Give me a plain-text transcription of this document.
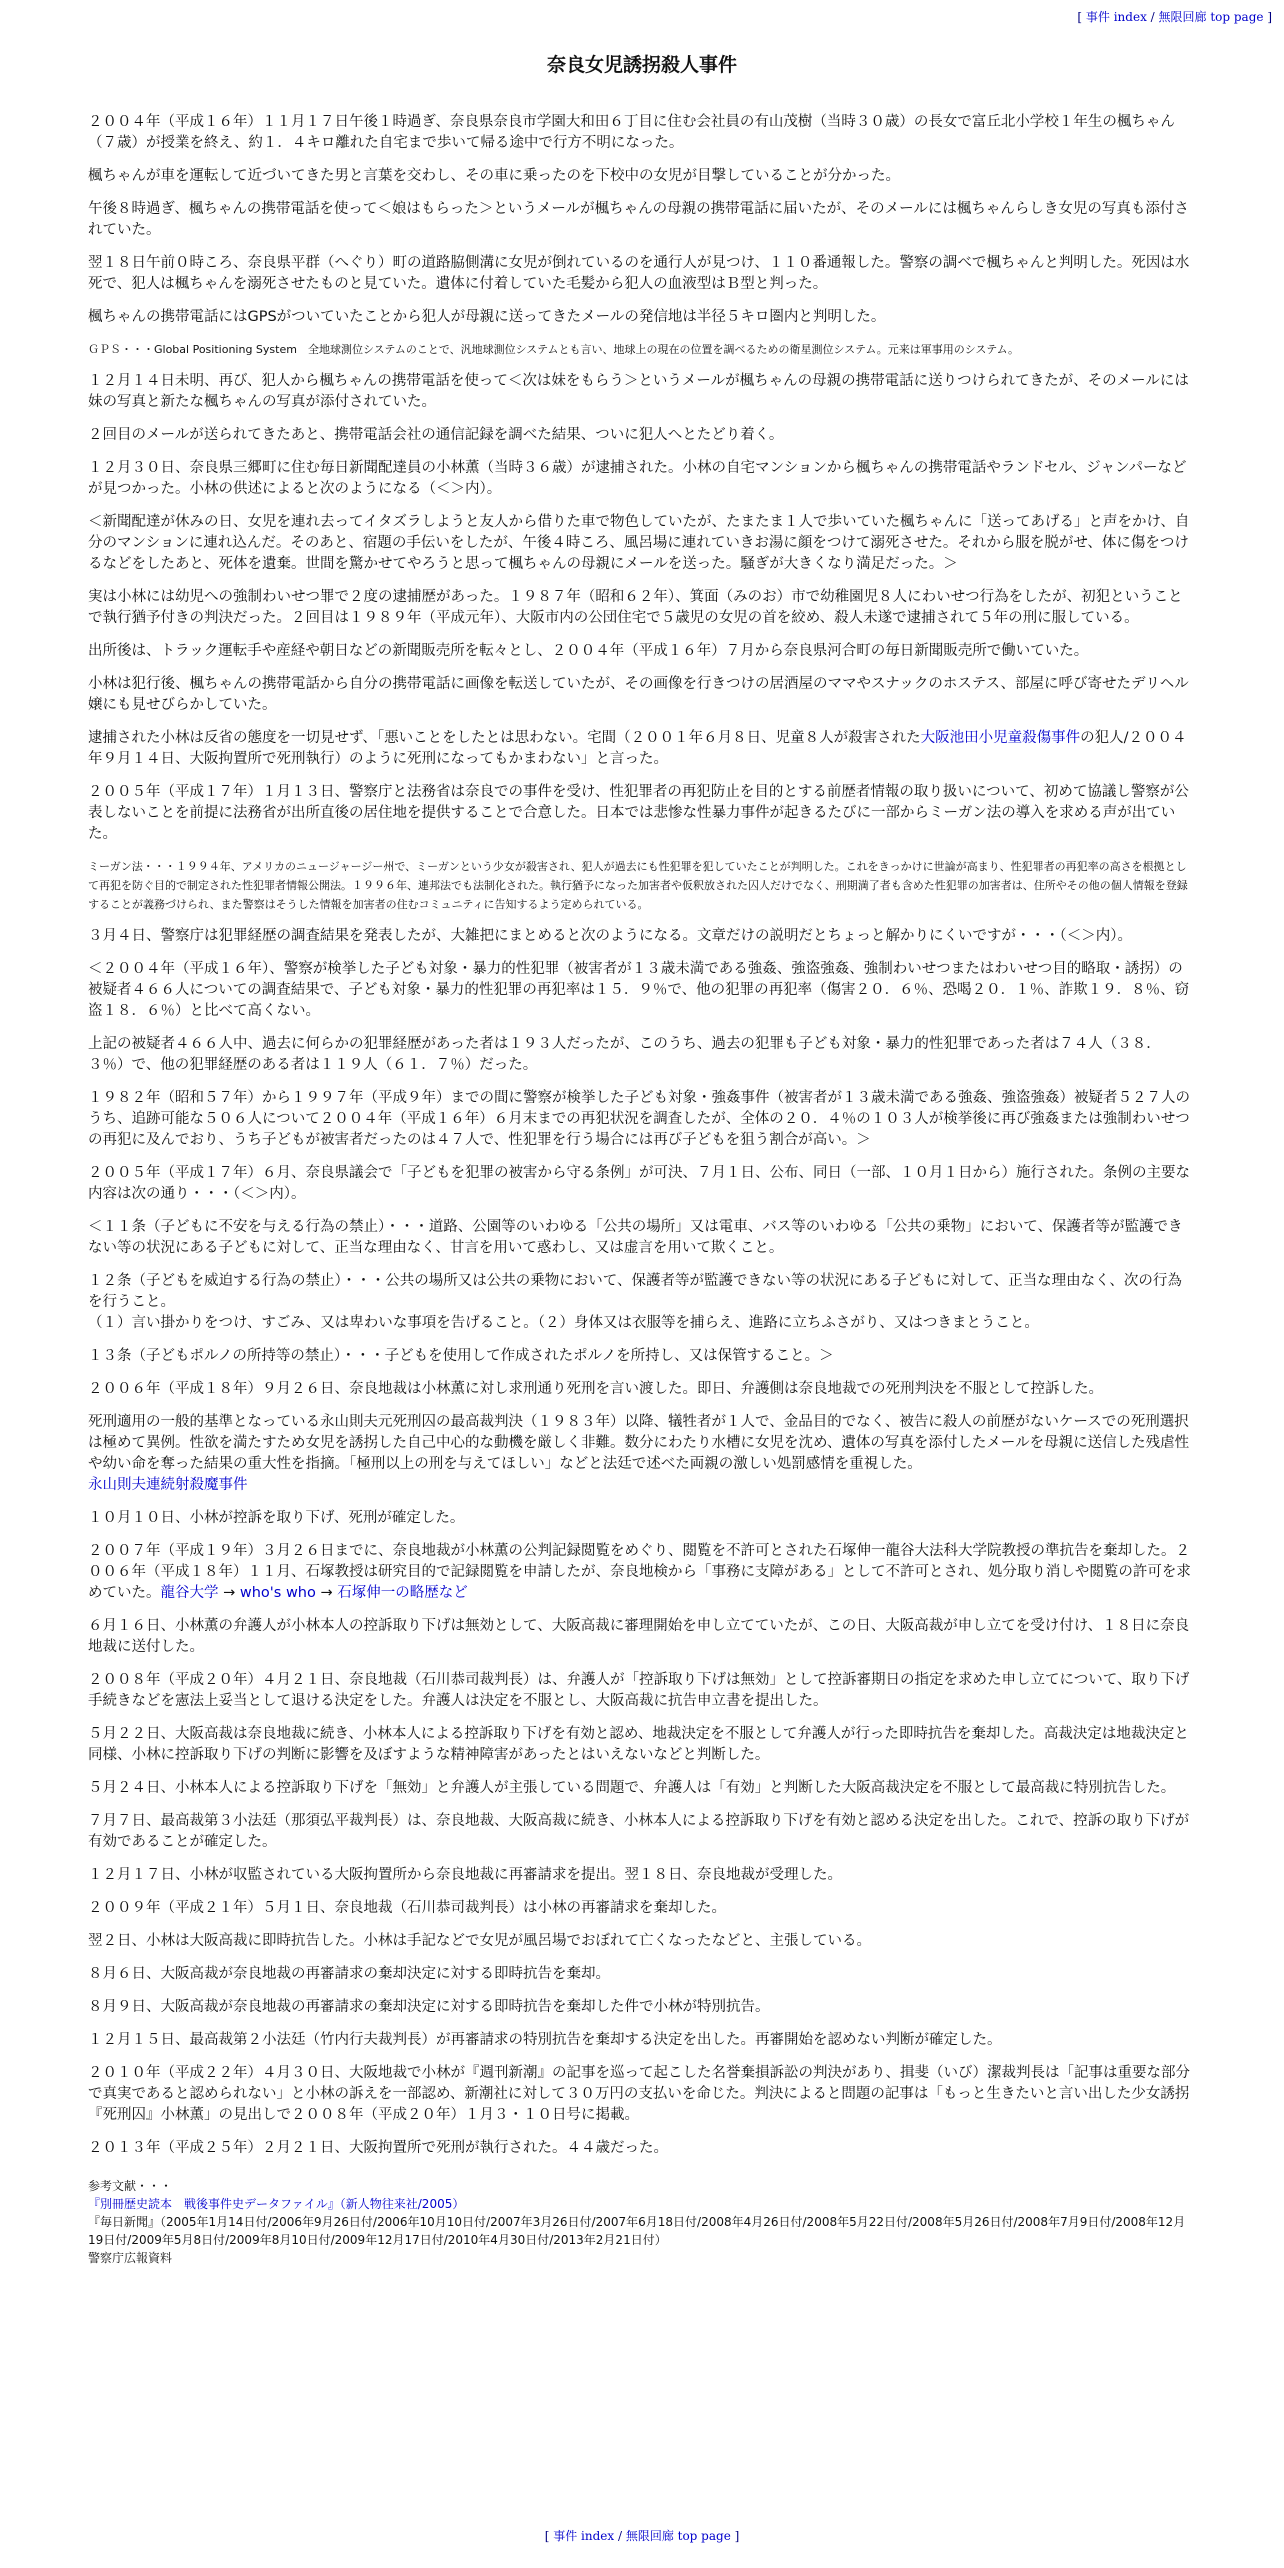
[ 事件 index / 無限回廊 top page ]
奈良女児誘拐殺人事件

２００４年（平成１６年）１１月１７日午後１時過ぎ、奈良県奈良市学園大和田６丁目に住む会社員の有山茂樹（当時３０歳）の長女で富丘北小学校１年生の楓ちゃん（７歳）が授業を終え、約１．４キロ離れた自宅まで歩いて帰る途中で行方不明になった。

楓ちゃんが車を運転して近づいてきた男と言葉を交わし、その車に乗ったのを下校中の女児が目撃していることが分かった。

午後８時過ぎ、楓ちゃんの携帯電話を使って＜娘はもらった＞というメールが楓ちゃんの母親の携帯電話に届いたが、そのメールには楓ちゃんらしき女児の写真も添付されていた。

翌１８日午前０時ころ、奈良県平群（へぐり）町の道路脇側溝に女児が倒れているのを通行人が見つけ、１１０番通報した。警察の調べで楓ちゃんと判明した。死因は水死で、犯人は楓ちゃんを溺死させたものと見ていた。遺体に付着していた毛髪から犯人の血液型はＢ型と判った。

楓ちゃんの携帯電話にはGPSがついていたことから犯人が母親に送ってきたメールの発信地は半径５キロ圏内と判明した。

ＧＰＳ・・・Global Positioning System　全地球測位システムのことで、汎地球測位システムとも言い、地球上の現在の位置を調べるための衛星測位システム。元来は軍事用のシステム。

１２月１４日未明、再び、犯人から楓ちゃんの携帯電話を使って＜次は妹をもらう＞というメールが楓ちゃんの母親の携帯電話に送りつけられてきたが、そのメールには妹の写真と新たな楓ちゃんの写真が添付されていた。

２回目のメールが送られてきたあと、携帯電話会社の通信記録を調べた結果、ついに犯人へとたどり着く。

１２月３０日、奈良県三郷町に住む毎日新聞配達員の小林薫（当時３６歳）が逮捕された。小林の自宅マンションから楓ちゃんの携帯電話やランドセル、ジャンパーなどが見つかった。小林の供述によると次のようになる（＜＞内）。

＜新聞配達が休みの日、女児を連れ去ってイタズラしようと友人から借りた車で物色していたが、たまたま１人で歩いていた楓ちゃんに「送ってあげる」と声をかけ、自分のマンションに連れ込んだ。そのあと、宿題の手伝いをしたが、午後４時ころ、風呂場に連れていきお湯に顔をつけて溺死させた。それから服を脱がせ、体に傷をつけるなどをしたあと、死体を遺棄。世間を驚かせてやろうと思って楓ちゃんの母親にメールを送った。騒ぎが大きくなり満足だった。＞

実は小林には幼児への強制わいせつ罪で２度の逮捕歴があった。１９８７年（昭和６２年）、箕面（みのお）市で幼稚園児８人にわいせつ行為をしたが、初犯ということで執行猶予付きの判決だった。２回目は１９８９年（平成元年）、大阪市内の公団住宅で５歳児の女児の首を絞め、殺人未遂で逮捕されて５年の刑に服している。

出所後は、トラック運転手や産経や朝日などの新聞販売所を転々とし、２００４年（平成１６年）７月から奈良県河合町の毎日新聞販売所で働いていた。

小林は犯行後、楓ちゃんの携帯電話から自分の携帯電話に画像を転送していたが、その画像を行きつけの居酒屋のママやスナックのホステス、部屋に呼び寄せたデリヘル嬢にも見せびらかしていた。

逮捕された小林は反省の態度を一切見せず、「悪いことをしたとは思わない。宅間（２００１年６月８日、児童８人が殺害された大阪池田小児童殺傷事件の犯人/２００４年９月１４日、大阪拘置所で死刑執行）のように死刑になってもかまわない」と言った。

２００５年（平成１７年）１月１３日、警察庁と法務省は奈良での事件を受け、性犯罪者の再犯防止を目的とする前歴者情報の取り扱いについて、初めて協議し警察が公表しないことを前提に法務省が出所直後の居住地を提供することで合意した。日本では悲惨な性暴力事件が起きるたびに一部からミーガン法の導入を求める声が出ていた。

ミーガン法・・・１９９４年、アメリカのニュージャージー州で、ミーガンという少女が殺害され、犯人が過去にも性犯罪を犯していたことが判明した。これをきっかけに世論が高まり、性犯罪者の再犯率の高さを根拠として再犯を防ぐ目的で制定された性犯罪者情報公開法。１９９６年、連邦法でも法制化された。執行猶予になった加害者や仮釈放された囚人だけでなく、刑期満了者も含めた性犯罪の加害者は、住所やその他の個人情報を登録することが義務づけられ、また警察はそうした情報を加害者の住むコミュニティに告知するよう定められている。

３月４日、警察庁は犯罪経歴の調査結果を発表したが、大雑把にまとめると次のようになる。文章だけの説明だとちょっと解かりにくいですが・・・（＜＞内）。

＜２００４年（平成１６年）、警察が検挙した子ども対象・暴力的性犯罪（被害者が１３歳未満である強姦、強盗強姦、強制わいせつまたはわいせつ目的略取・誘拐）の被疑者４６６人についての調査結果で、子ども対象・暴力的性犯罪の再犯率は１５．９％で、他の犯罪の再犯率（傷害２０．６％、恐喝２０．１％、詐欺１９．８％、窃盗１８．６％）と比べて高くない。

上記の被疑者４６６人中、過去に何らかの犯罪経歴があった者は１９３人だったが、このうち、過去の犯罪も子ども対象・暴力的性犯罪であった者は７４人（３８．３％）で、他の犯罪経歴のある者は１１９人（６１．７％）だった。

１９８２年（昭和５７年）から１９９７年（平成９年）までの間に警察が検挙した子ども対象・強姦事件（被害者が１３歳未満である強姦、強盗強姦）被疑者５２７人のうち、追跡可能な５０６人について２００４年（平成１６年）６月末までの再犯状況を調査したが、全体の２０．４％の１０３人が検挙後に再び強姦または強制わいせつの再犯に及んでおり、うち子どもが被害者だったのは４７人で、性犯罪を行う場合には再び子どもを狙う割合が高い。＞

２００５年（平成１７年）６月、奈良県議会で「子どもを犯罪の被害から守る条例」が可決、７月１日、公布、同日（一部、１０月１日から）施行された。条例の主要な内容は次の通り・・・（＜＞内）。

＜１１条（子どもに不安を与える行為の禁止）・・・道路、公園等のいわゆる「公共の場所」又は電車、バス等のいわゆる「公共の乗物」において、保護者等が監護できない等の状況にある子どもに対して、正当な理由なく、甘言を用いて惑わし、又は虚言を用いて欺くこと。

１２条（子どもを威迫する行為の禁止）・・・公共の場所又は公共の乗物において、保護者等が監護できない等の状況にある子どもに対して、正当な理由なく、次の行為を行うこと。
（１）言い掛かりをつけ、すごみ、又は卑わいな事項を告げること。（２）身体又は衣服等を捕らえ、進路に立ちふさがり、又はつきまとうこと。

１３条（子どもポルノの所持等の禁止）・・・子どもを使用して作成されたポルノを所持し、又は保管すること。＞

２００６年（平成１８年）９月２６日、奈良地裁は小林薫に対し求刑通り死刑を言い渡した。即日、弁護側は奈良地裁での死刑判決を不服として控訴した。

死刑適用の一般的基準となっている永山則夫元死刑囚の最高裁判決（１９８３年）以降、犠牲者が１人で、金品目的でなく、被告に殺人の前歴がないケースでの死刑選択は極めて異例。性欲を満たすため女児を誘拐した自己中心的な動機を厳しく非難。数分にわたり水槽に女児を沈め、遺体の写真を添付したメールを母親に送信した残虐性や幼い命を奪った結果の重大性を指摘。「極刑以上の刑を与えてほしい」などと法廷で述べた両親の激しい処罰感情を重視した。
永山則夫連続射殺魔事件

１０月１０日、小林が控訴を取り下げ、死刑が確定した。

２００７年（平成１９年）３月２６日までに、奈良地裁が小林薫の公判記録閲覧をめぐり、閲覧を不許可とされた石塚伸一龍谷大法科大学院教授の準抗告を棄却した。２００６年（平成１８年）１１月、石塚教授は研究目的で記録閲覧を申請したが、奈良地検から「事務に支障がある」として不許可とされ、処分取り消しや閲覧の許可を求めていた。龍谷大学 → who's who → 石塚伸一の略歴など

６月１６日、小林薫の弁護人が小林本人の控訴取り下げは無効として、大阪高裁に審理開始を申し立てていたが、この日、大阪高裁が申し立てを受け付け、１８日に奈良地裁に送付した。

２００８年（平成２０年）４月２１日、奈良地裁（石川恭司裁判長）は、弁護人が「控訴取り下げは無効」として控訴審期日の指定を求めた申し立てについて、取り下げ手続きなどを憲法上妥当として退ける決定をした。弁護人は決定を不服とし、大阪高裁に抗告申立書を提出した。

５月２２日、大阪高裁は奈良地裁に続き、小林本人による控訴取り下げを有効と認め、地裁決定を不服として弁護人が行った即時抗告を棄却した。高裁決定は地裁決定と同様、小林に控訴取り下げの判断に影響を及ぼすような精神障害があったとはいえないなどと判断した。

５月２４日、小林本人による控訴取り下げを「無効」と弁護人が主張している問題で、弁護人は「有効」と判断した大阪高裁決定を不服として最高裁に特別抗告した。

７月７日、最高裁第３小法廷（那須弘平裁判長）は、奈良地裁、大阪高裁に続き、小林本人による控訴取り下げを有効と認める決定を出した。これで、控訴の取り下げが有効であることが確定した。

１２月１７日、小林が収監されている大阪拘置所から奈良地裁に再審請求を提出。翌１８日、奈良地裁が受理した。

２００９年（平成２１年）５月１日、奈良地裁（石川恭司裁判長）は小林の再審請求を棄却した。

翌２日、小林は大阪高裁に即時抗告した。小林は手記などで女児が風呂場でおぼれて亡くなったなどと、主張している。

８月６日、大阪高裁が奈良地裁の再審請求の棄却決定に対する即時抗告を棄却。

８月９日、大阪高裁が奈良地裁の再審請求の棄却決定に対する即時抗告を棄却した件で小林が特別抗告。

１２月１５日、最高裁第２小法廷（竹内行夫裁判長）が再審請求の特別抗告を棄却する決定を出した。再審開始を認めない判断が確定した。

２０１０年（平成２２年）４月３０日、大阪地裁で小林が『週刊新潮』の記事を巡って起こした名誉棄損訴訟の判決があり、揖斐（いび）潔裁判長は「記事は重要な部分で真実であると認められない」と小林の訴えを一部認め、新潮社に対して３０万円の支払いを命じた。判決によると問題の記事は「もっと生きたいと言い出した少女誘拐『死刑囚』小林薫」の見出しで２００８年（平成２０年）１月３・１０日号に掲載。

２０１３年（平成２５年）２月２１日、大阪拘置所で死刑が執行された。４４歳だった。

参考文献・・・
『別冊歴史読本　戦後事件史データファイル』（新人物往来社/2005）
『毎日新聞』（2005年1月14日付/2006年9月26日付/2006年10月10日付/2007年3月26日付/2007年6月18日付/2008年4月26日付/2008年5月22日付/2008年5月26日付/2008年7月9日付/2008年12月19日付/2009年5月8日付/2009年8月10日付/2009年12月17日付/2010年4月30日付/2013年2月21日付）
警察庁広報資料
[ 事件 index / 無限回廊 top page ]
